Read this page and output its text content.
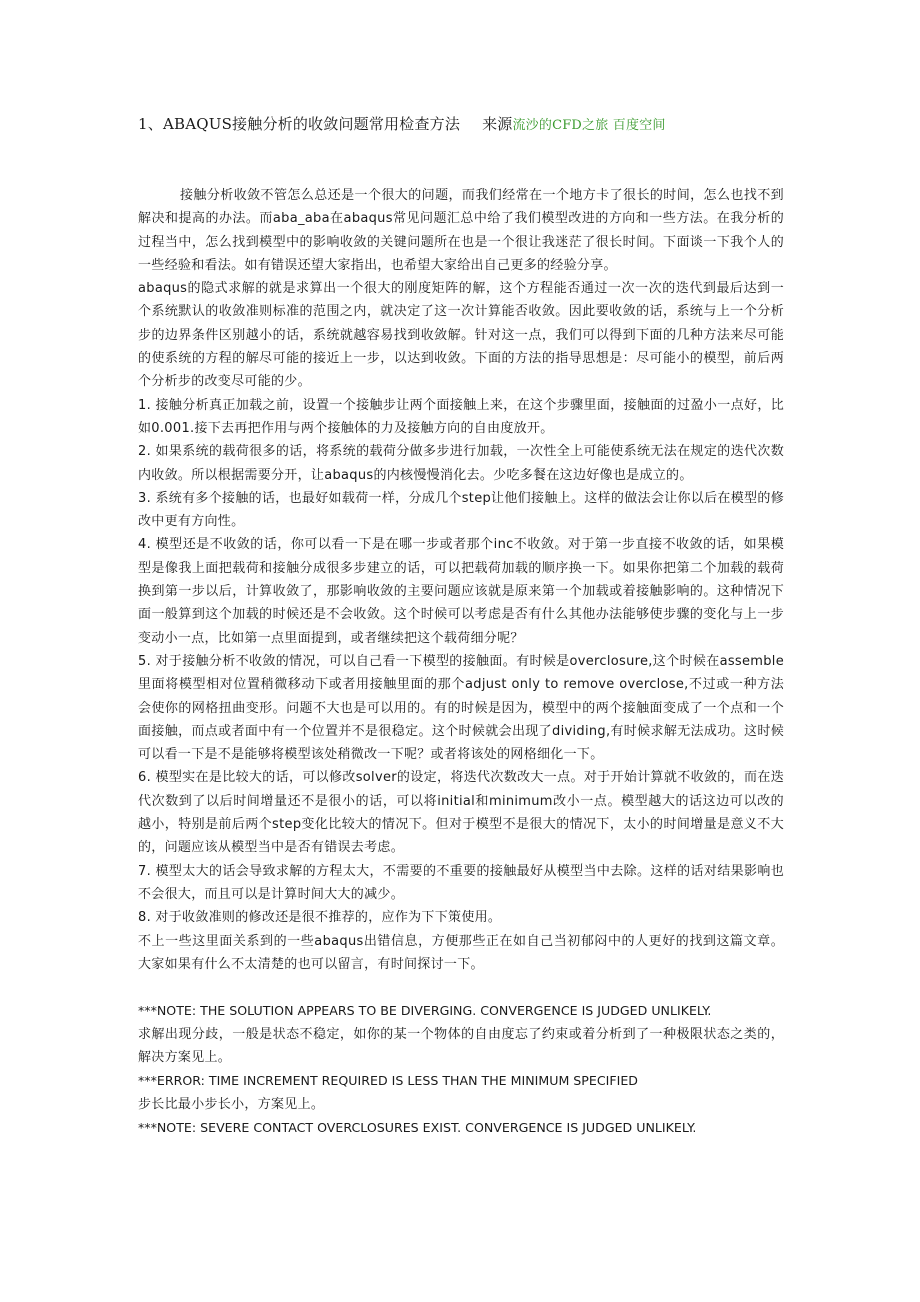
1、ABAQUS接触分析的收敛问题常用检查方法 来源流沙的CFD之旅 百度空间

接触分析收敛不管怎么总还是一个很大的问题，而我们经常在一个地方卡了很长的时间，怎么也找不到解决和提高的办法。而aba_aba在abaqus常见问题汇总中给了我们模型改进的方向和一些方法。在我分析的过程当中，怎么找到模型中的影响收敛的关键问题所在也是一个很让我迷茫了很长时间。下面谈一下我个人的一些经验和看法。如有错误还望大家指出，也希望大家给出自己更多的经验分享。

abaqus的隐式求解的就是求算出一个很大的刚度矩阵的解，这个方程能否通过一次一次的迭代到最后达到一个系统默认的收敛准则标准的范围之内，就决定了这一次计算能否收敛。因此要收敛的话，系统与上一个分析步的边界条件区别越小的话，系统就越容易找到收敛解。针对这一点，我们可以得到下面的几种方法来尽可能的使系统的方程的解尽可能的接近上一步，以达到收敛。下面的方法的指导思想是：尽可能小的模型，前后两个分析步的改变尽可能的少。

1. 接触分析真正加载之前，设置一个接触步让两个面接触上来，在这个步骤里面，接触面的过盈小一点好，比如0.001.接下去再把作用与两个接触体的力及接触方向的自由度放开。

2. 如果系统的载荷很多的话，将系统的载荷分做多步进行加载，一次性全上可能使系统无法在规定的迭代次数内收敛。所以根据需要分开，让abaqus的内核慢慢消化去。少吃多餐在这边好像也是成立的。

3. 系统有多个接触的话，也最好如载荷一样，分成几个step让他们接触上。这样的做法会让你以后在模型的修改中更有方向性。

4. 模型还是不收敛的话，你可以看一下是在哪一步或者那个inc不收敛。对于第一步直接不收敛的话，如果模型是像我上面把载荷和接触分成很多步建立的话，可以把载荷加载的顺序换一下。如果你把第二个加载的载荷换到第一步以后，计算收敛了，那影响收敛的主要问题应该就是原来第一个加载或着接触影响的。这种情况下面一般算到这个加载的时候还是不会收敛。这个时候可以考虑是否有什么其他办法能够使步骤的变化与上一步变动小一点，比如第一点里面提到，或者继续把这个载荷细分呢？

5. 对于接触分析不收敛的情况，可以自己看一下模型的接触面。有时候是overclosure,这个时候在assemble里面将模型相对位置稍微移动下或者用接触里面的那个adjust only to remove overclose,不过或一种方法会使你的网格扭曲变形。问题不大也是可以用的。有的时候是因为，模型中的两个接触面变成了一个点和一个面接触，而点或者面中有一个位置并不是很稳定。这个时候就会出现了dividing,有时候求解无法成功。这时候可以看一下是不是能够将模型该处稍微改一下呢？或者将该处的网格细化一下。

6. 模型实在是比较大的话，可以修改solver的设定，将迭代次数改大一点。对于开始计算就不收敛的，而在迭代次数到了以后时间增量还不是很小的话，可以将initial和minimum改小一点。模型越大的话这边可以改的越小，特别是前后两个step变化比较大的情况下。但对于模型不是很大的情况下，太小的时间增量是意义不大的，问题应该从模型当中是否有错误去考虑。

7. 模型太大的话会导致求解的方程太大，不需要的不重要的接触最好从模型当中去除。这样的话对结果影响也不会很大，而且可以是计算时间大大的减少。

8. 对于收敛准则的修改还是很不推荐的，应作为下下策使用。

不上一些这里面关系到的一些abaqus出错信息，方便那些正在如自己当初郁闷中的人更好的找到这篇文章。大家如果有什么不太清楚的也可以留言，有时间探讨一下。

***NOTE: THE SOLUTION APPEARS TO BE DIVERGING. CONVERGENCE IS JUDGED UNLIKELY.

求解出现分歧，一般是状态不稳定，如你的某一个物体的自由度忘了约束或着分析到了一种极限状态之类的，解决方案见上。

***ERROR: TIME INCREMENT REQUIRED IS LESS THAN THE MINIMUM SPECIFIED

步长比最小步长小，方案见上。

***NOTE: SEVERE CONTACT OVERCLOSURES EXIST. CONVERGENCE IS JUDGED UNLIKELY.
